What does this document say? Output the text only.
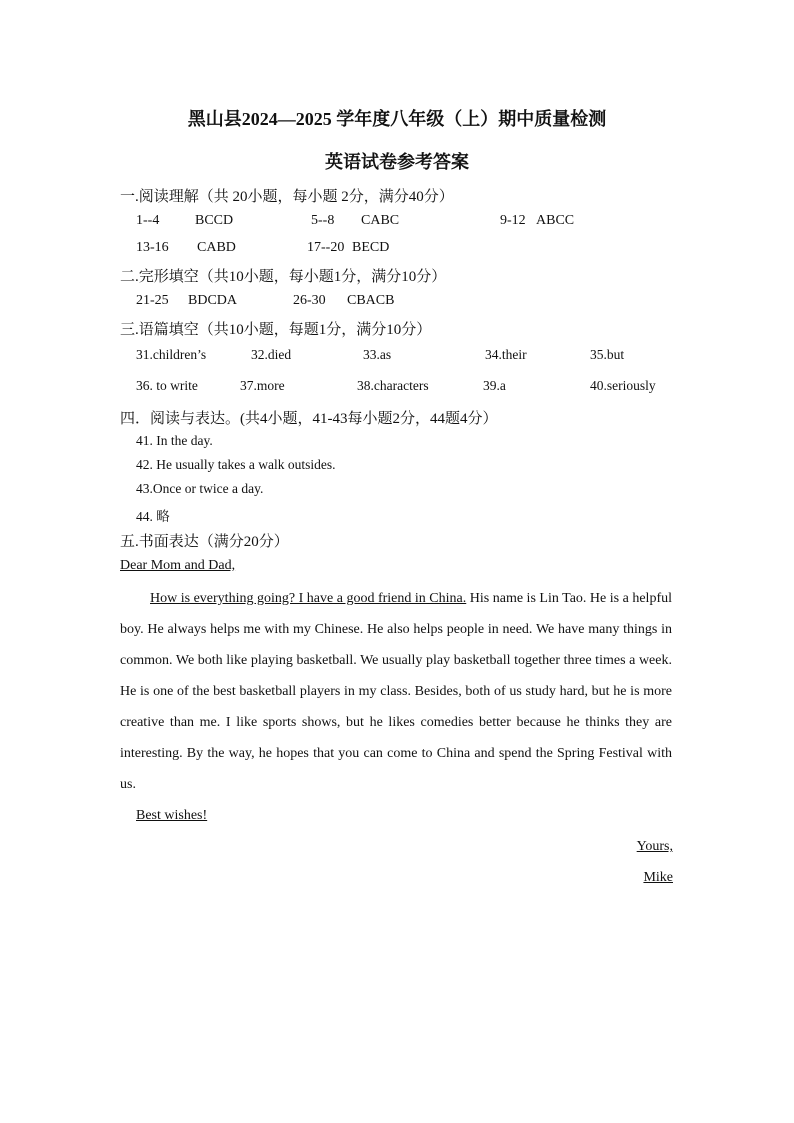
黑山县2024—2025 学年度八年级（上）期中质量检测
英语试卷参考答案
一.阅读理解（共 20小题，每小题 2分，满分40分）
1--4	BCCD	5--8 CABC	9-12 ABCC
13-16 CABD	17--20 BECD
二.完形填空（共10小题，每小题1分，满分10分）
21-25 BDCDA	26-30 CBACB
三.语篇填空（共10小题，每题1分，满分10分）
31.children’s	32.died	33.as	34.their	35.but
36. to write	37.more	38.characters	39.a	40.seriously
四．阅读与表达。(共4小题，41-43每小题2分，44题4分）
41. In the day.
42. He usually takes a walk outsides.
43.Once or twice a day.
44. 略
五.书面表达（满分20分）
Dear Mom and Dad,
How is everything going? I have a good friend in China. His name is Lin Tao. He is a helpful boy. He always helps me with my Chinese. He also helps people in need. We have many things in common. We both like playing basketball. We usually play basketball together three times a week. He is one of the best basketball players in my class. Besides, both of us study hard, but he is more creative than me. I like sports shows, but he likes comedies better because he thinks they are interesting. By the way, he hopes that you can come to China and spend the Spring Festival with us.
Best wishes!
Yours,
Mike
